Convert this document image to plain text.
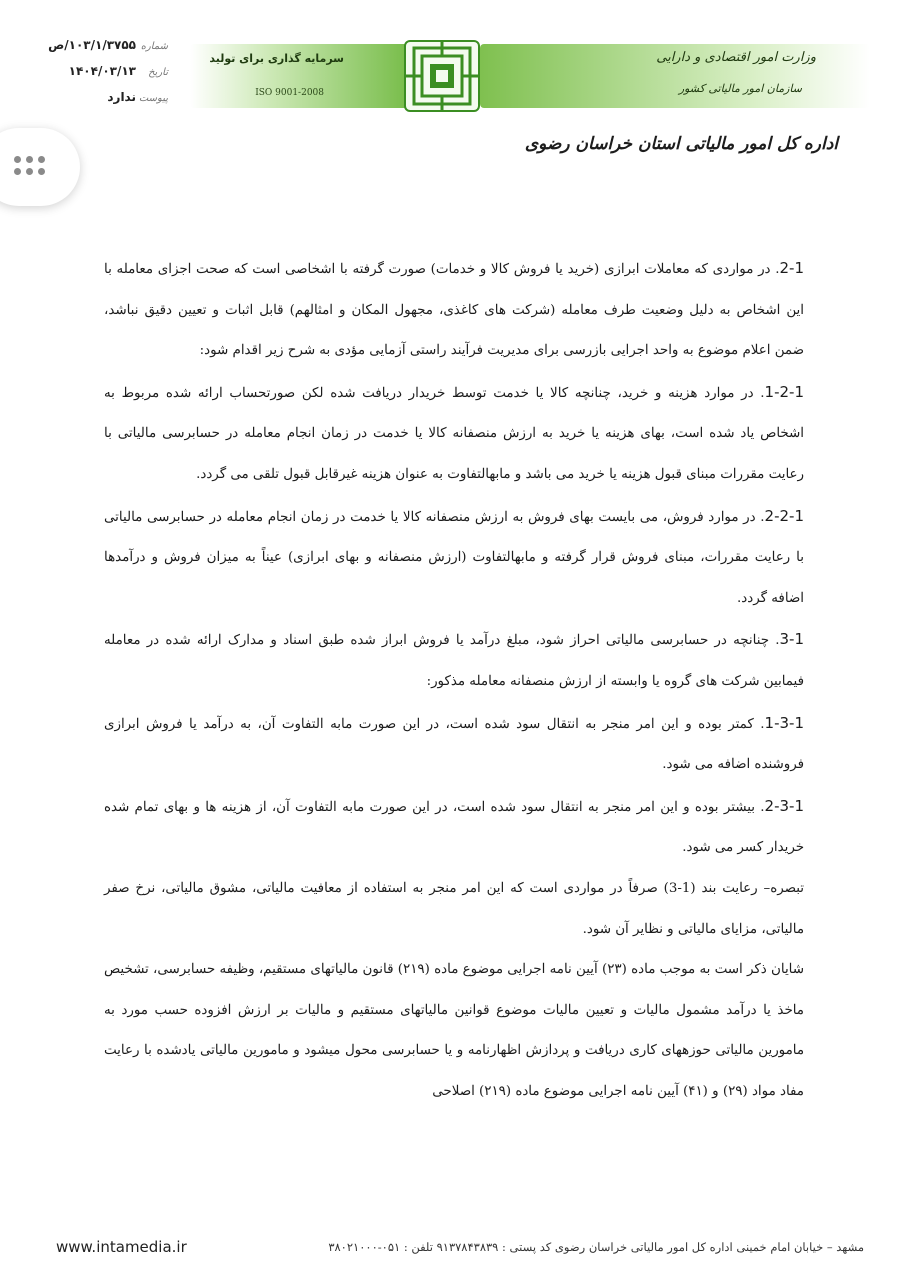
شماره
۱۰۳/۱/۳۷۵۵/ص
تاریخ
۱۴۰۴/۰۳/۱۳
پیوست
ندارد
سرمایه گذاری برای تولید
ISO 9001-2008
وزارت امور اقتصادی و دارایی
سازمان امور مالیاتی کشور
اداره کل امور مالیاتی استان خراسان رضوی

2-1. در مواردی که معاملات ابرازی (خرید یا فروش کالا و خدمات) صورت گرفته با اشخاصی است که صحت اجزای معامله با این اشخاص به دلیل وضعیت طرف معامله (شرکت های کاغذی، مجهول المکان و امثالهم) قابل اثبات و تعیین دقیق نباشد، ضمن اعلام موضوع به واحد اجرایی بازرسی برای مدیریت فرآیند راستی آزمایی مؤدی به شرح زیر اقدام شود:

1-2-1. در موارد هزینه و خرید، چنانچه کالا یا خدمت توسط خریدار دریافت شده لکن صورتحساب ارائه شده مربوط به اشخاص یاد شده است، بهای هزینه یا خرید به ارزش منصفانه کالا یا خدمت در زمان انجام معامله در حسابرسی مالیاتی با رعایت مقررات مبنای قبول هزینه یا خرید می باشد و مابهالتفاوت به عنوان هزینه غیرقابل قبول تلقی می گردد.

2-2-1. در موارد فروش، می بایست بهای فروش به ارزش منصفانه کالا یا خدمت در زمان انجام معامله در حسابرسی مالیاتی با رعایت مقررات، مبنای فروش قرار گرفته و مابهالتفاوت (ارزش منصفانه و بهای ابرازی) عیناً به میزان فروش و درآمدها اضافه گردد.

3-1. چنانچه در حسابرسی مالیاتی احراز شود، مبلغ درآمد یا فروش ابراز شده طبق اسناد و مدارک ارائه شده در معامله فیمابین شرکت های گروه یا وابسته از ارزش منصفانه معامله مذکور:

1-3-1. کمتر بوده و این امر منجر به انتقال سود شده است، در این صورت مابه التفاوت آن، به درآمد یا فروش ابرازی فروشنده اضافه می شود.

2-3-1. بیشتر بوده و این امر منجر به انتقال سود شده است، در این صورت مابه التفاوت آن، از هزینه ها و بهای تمام شده خریدار کسر می شود.

تبصره– رعایت بند (1-3) صرفاً در مواردی است که این امر منجر به استفاده از معافیت مالیاتی، مشوق مالیاتی، نرخ صفر مالیاتی، مزایای مالیاتی و نظایر آن شود.

شایان ذکر است به موجب ماده (۲۳) آیین نامه اجرایی موضوع ماده (۲۱۹) قانون مالیاتهای مستقیم، وظیفه حسابرسی، تشخیص ماخذ یا درآمد مشمول مالیات و تعیین مالیات موضوع قوانین مالیاتهای مستقیم و مالیات بر ارزش افزوده حسب مورد به مامورین مالیاتی حوزههای کاری دریافت و پردازش اظهارنامه و یا حسابرسی محول میشود و مامورین مالیاتی یادشده با رعایت مفاد مواد (۲۹) و (۴۱) آیین نامه اجرایی موضوع ماده (۲۱۹) اصلاحی

www.intamedia.ir	مشهد – خیابان امام خمینی اداره کل امور مالیاتی خراسان رضوی کد پستی : ۹۱۳۷۸۴۳۸۳۹ تلفن : ۰۵۱-۳۸۰۲۱۰۰۰
